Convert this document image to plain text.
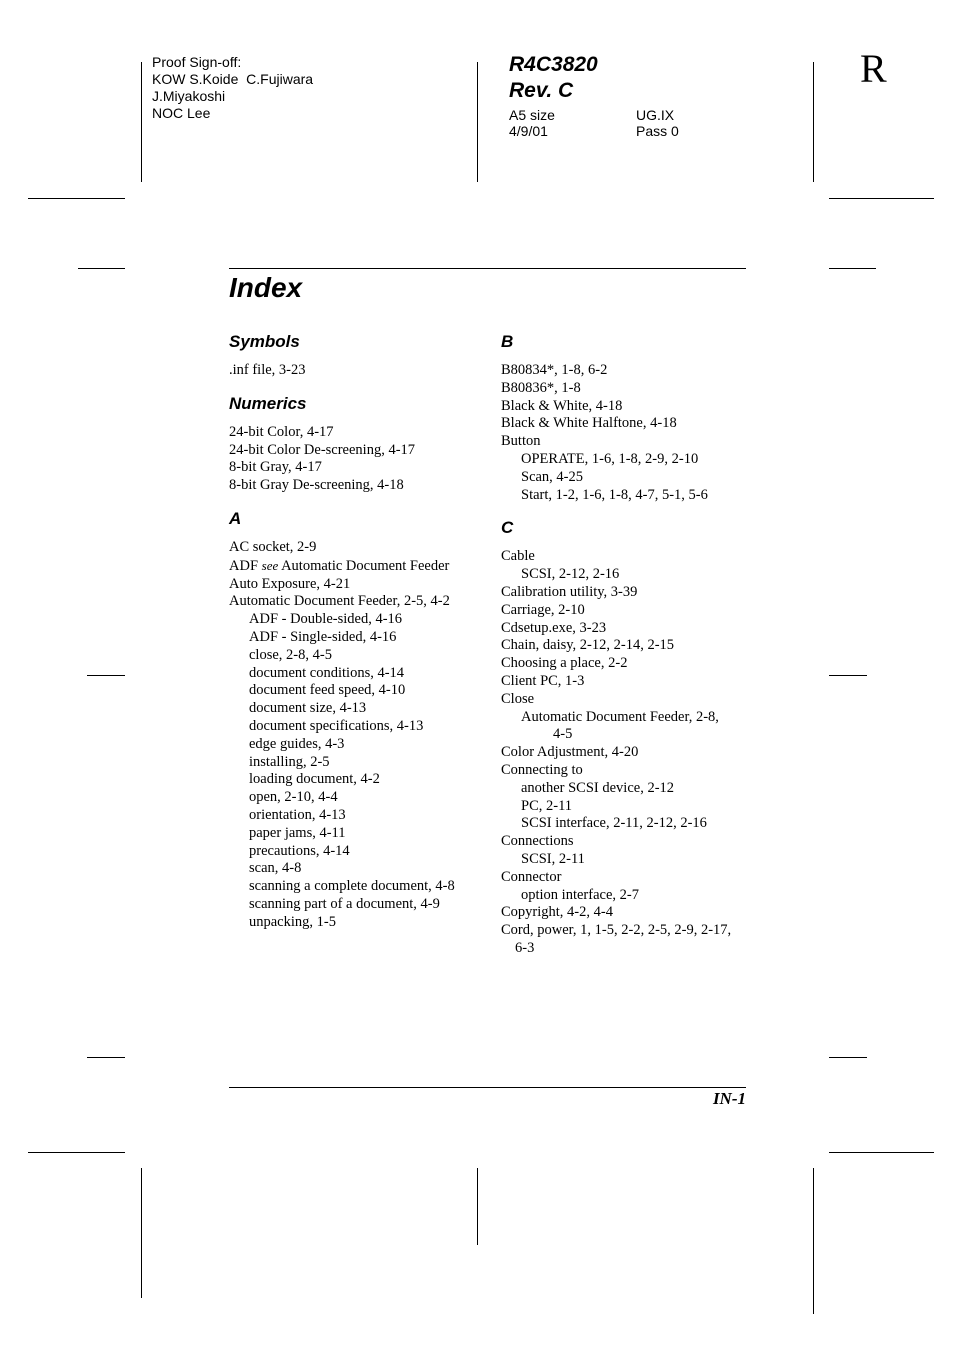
Proof Sign-off:
KOW S.Koide  C.Fujiwara
J.Miyakoshi
NOC Lee
R4C3820
Rev. C
A5 size
4/9/01
UG.IX
Pass 0
R
Index
Symbols
.inf file, 3-23
Numerics
24-bit Color, 4-17
24-bit Color De-screening, 4-17
8-bit Gray, 4-17
8-bit Gray De-screening, 4-18
A
AC socket, 2-9
ADF see Automatic Document Feeder
Auto Exposure, 4-21
Automatic Document Feeder, 2-5, 4-2
ADF - Double-sided, 4-16
ADF - Single-sided, 4-16
close, 2-8, 4-5
document conditions, 4-14
document feed speed, 4-10
document size, 4-13
document specifications, 4-13
edge guides, 4-3
installing, 2-5
loading document, 4-2
open, 2-10, 4-4
orientation, 4-13
paper jams, 4-11
precautions, 4-14
scan, 4-8
scanning a complete document, 4-8
scanning part of a document, 4-9
unpacking, 1-5
B
B80834*, 1-8, 6-2
B80836*, 1-8
Black & White, 4-18
Black & White Halftone, 4-18
Button
OPERATE, 1-6, 1-8, 2-9, 2-10
Scan, 4-25
Start, 1-2, 1-6, 1-8, 4-7, 5-1, 5-6
C
Cable
SCSI, 2-12, 2-16
Calibration utility, 3-39
Carriage, 2-10
Cdsetup.exe, 3-23
Chain, daisy, 2-12, 2-14, 2-15
Choosing a place, 2-2
Client PC, 1-3
Close
Automatic Document Feeder, 2-8,
4-5
Color Adjustment, 4-20
Connecting to
another SCSI device, 2-12
PC, 2-11
SCSI interface, 2-11, 2-12, 2-16
Connections
SCSI, 2-11
Connector
option interface, 2-7
Copyright, 4-2, 4-4
Cord, power, 1, 1-5, 2-2, 2-5, 2-9, 2-17,
6-3
IN-1
